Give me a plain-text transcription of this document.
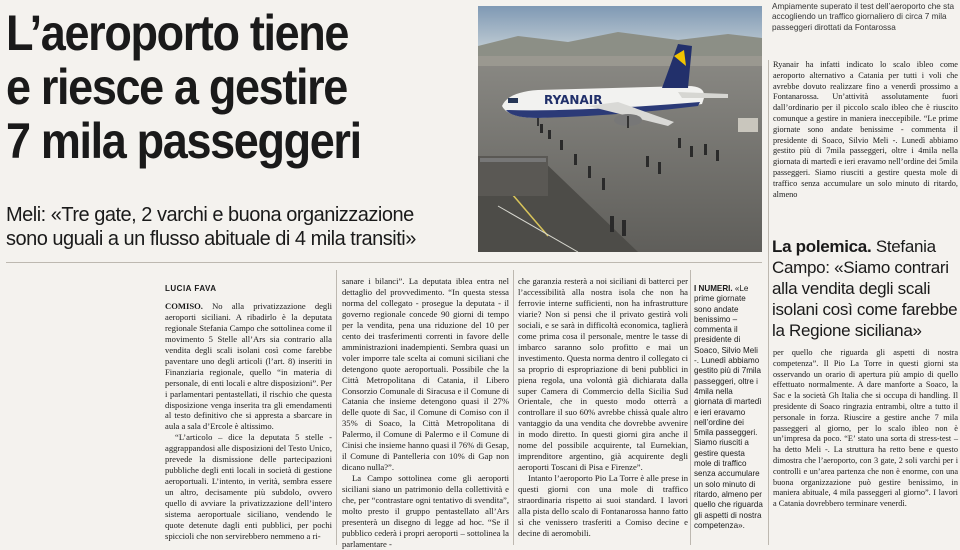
L’aeroporto tiene
e riesce a gestire
7 mila passeggeri
Meli: «Tre gate, 2 varchi e buona organizzazione
sono uguali a un flusso abituale di 4 mila transiti»
RYANAIR
Ampiamente superato il test dell’aeroporto che sta accogliendo un traffico giornaliero di circa 7 mila passeggeri dirottati da Fontarossa
LUCIA FAVA

COMISO. No alla privatizzazione degli aeroporti siciliani. A ribadirlo è la deputata regionale Stefania Campo che sottolinea come il movimento 5 Stelle all’Ars sia contrario alla vendita degli scali isolani così come farebbe paventare uno degli articoli (l’art. 8) inseriti in Finanziaria regionale, quello “in materia di personale, di enti locali e altre disposizioni”. Per i parlamentari pentastellati, il rischio che questa disposizione venga inserita tra gli emendamenti al testo definitivo che si appresta a sbarcare in aula a sala d’Ercole è altissimo.

“L’articolo – dice la deputata 5 stelle - aggrappandosi alle disposizioni del Testo Unico, prevede la dismissione delle partecipazioni pubbliche degli enti locali in società di gestione aeroportuali. L’intento, in verità, sembra essere un altro, decisamente più subdolo, ovvero quello di avviare la privatizzazione dell’intero sistema aeroportuale siciliano, vendendo le quote detenute dagli enti pubblici, per pochi spiccioli che non servirebbero nemmeno a ri-

sanare i bilanci”. La deputata iblea entra nel dettaglio del provvedimento. “In questa stessa norma del collegato - prosegue la deputata - il governo regionale concede 90 giorni di tempo per la vendita, pena una riduzione del 10 per cento dei trasferimenti correnti in favore delle amministrazioni inadempienti. Sembra quasi un voler imporre tale scelta ai comuni siciliani che detengono quote aeroportuali. Possibile che la Città Metropolitana di Catania, il Libero Consorzio Comunale di Siracusa e il Comune di Catania che insieme detengono quasi il 27% delle quote di Sac, il Comune di Comiso con il 35% di Soaco, la Città Metropolitana di Palermo, il Comune di Palermo e il Comune di Cinisi che insieme hanno quasi il 76% di Gesap, il Comune di Pantelleria con 10% di Gap non dicano nulla?”.

La Campo sottolinea come gli aeroporti siciliani siano un patrimonio della collettività e che, per “contrastare ogni tentativo di svendita”, molto presto il gruppo pentastellato all’Ars presenterà un disegno di legge ad hoc. “Se il pubblico cederà i propri aeroporti – sottolinea la parlamentare -

che garanzia resterà a noi siciliani di batterci per l’accessibilità alla nostra isola che non ha ferrovie interne sufficienti, non ha infrastrutture viarie? Non si pensi che il privato gestirà voli sociali, e se sarà in difficoltà economica, taglierà come prima cosa il personale, mentre le tasse di imbarco saranno solo profitto e mai un investimento. Questa norma dentro il collegato ci sa proprio di espropriazione di beni pubblici in piena regola, una volontà già dichiarata dalla super Camera di Commercio della Sicilia Sud Orientale, che in questo modo otterrà a controllare il suo 60% avrebbe chissà quale altro vantaggio da una vendita che dovrebbe avvenire in modo diretto. In questi giorni gira anche il nome del possibile acquirente, tal Eurnekian, imprenditore argentino, già acquirente degli aeroporti Toscani di Pisa e Firenze”.

Intanto l’aeroporto Pio La Torre è alle prese in questi giorni con una mole di traffico straordinaria rispetto ai suoi standard. I lavori alla pista dello scalo di Fontanarossa hanno fatto sì che venissero trasferiti a Comiso decine e decine di aeromobili.

I NUMERI. «Le prime giornate sono andate benissimo – commenta il presidente di Soaco, Silvio Meli -. Lunedì abbiamo gestito più di 7mila passeggeri, oltre i 4mila nella giornata di martedì e ieri eravamo nell’ordine dei 5mila passeggeri. Siamo riusciti a gestire questa mole di traffico senza accumulare un solo minuto di ritardo, almeno per quello che riguarda gli aspetti di nostra competenza».

Ryanair ha infatti indicato lo scalo ibleo come aeroporto alternativo a Catania per tutti i voli che avrebbe dovuto realizzare fino a venerdì prossimo a Fontanarossa. Un’attività assolutamente fuori dall’ordinario per il piccolo scalo ibleo che è riuscito comunque a gestire in maniera ineccepibile. “Le prime giornate sono andate benissime - commenta il presidente di Soaco, Silvio Meli -. Lunedì abbiamo gestito più di 7mila passeggeri, oltre i 4mila nella giornata di martedì e ieri eravamo nell’ordine dei 5mila passeggeri. Siamo riusciti a gestire questa mole di traffico senza accumulare un solo minuto di ritardo, almeno

La polemica. Stefania Campo: «Siamo contrari alla vendita degli scali isolani così come farebbe la Regione siciliana»

per quello che riguarda gli aspetti di nostra competenza”. Il Pio La Torre in questi giorni sta osservando un orario di apertura più ampio di quello effettuato normalmente. A dare manforte a Soaco, la Sac e la società Gh Italia che si occupa di handling. Il presidente di Soaco ringrazia entrambi, oltre a tutto il personale in forza. Riuscire a gestire anche 7 mila passeggeri al giorno, per lo scalo ibleo non è un’impresa da poco. “E’ stato una sorta di stress-test – ha detto Meli -. La struttura ha retto bene e questo dimostra che l’aeroporto, con 3 gate, 2 soli varchi per i controlli e un’area partenza che non è enorme, con una buona organizzazione può gestire benissimo, in maniera abituale, 4 mila passeggeri al giorno”. I lavori a Catania dovrebbero terminare venerdì.
